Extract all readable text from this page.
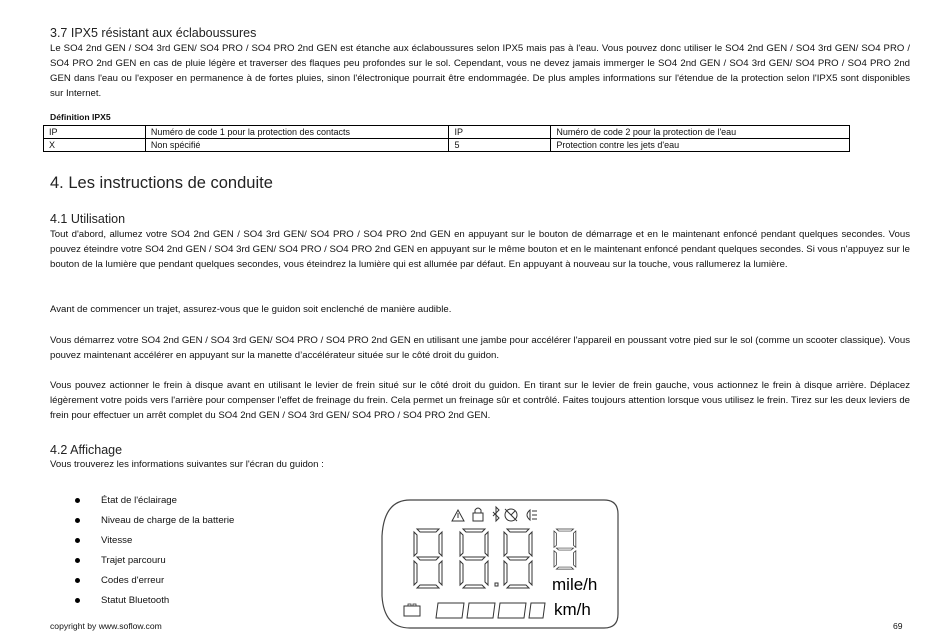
3.7 IPX5 résistant aux éclaboussures

Le SO4 2nd GEN / SO4 3rd GEN/ SO4 PRO / SO4 PRO 2nd GEN est étanche aux éclaboussures selon IPX5 mais pas à l'eau. Vous pouvez donc utiliser le SO4 2nd GEN / SO4 3rd GEN/ SO4 PRO / SO4 PRO 2nd GEN en cas de pluie légère et traverser des flaques peu profondes sur le sol. Cependant, vous ne devez jamais immerger le SO4 2nd GEN / SO4 3rd GEN/ SO4 PRO / SO4 PRO 2nd GEN dans l'eau ou l'exposer en permanence à de fortes pluies, sinon l'électronique pourrait être endommagée. De plus amples informations sur l'étendue de la protection selon l'IPX5 sont disponibles sur Internet.

Définition IPX5

IP	Numéro de code 1 pour la protection des contacts	IP	Numéro de code 2 pour la protection de l'eau
X	Non spécifié	5	Protection contre les jets d'eau
4. Les instructions de conduite
4.1 Utilisation

Tout d'abord, allumez votre SO4 2nd GEN / SO4 3rd GEN/ SO4 PRO / SO4 PRO 2nd GEN en appuyant sur le bouton de démarrage et en le maintenant enfoncé pendant quelques secondes. Vous pouvez éteindre votre SO4 2nd GEN / SO4 3rd GEN/ SO4 PRO / SO4 PRO 2nd GEN en appuyant sur le même bouton et en le maintenant enfoncé pendant quelques secondes. Si vous n'appuyez sur le bouton de la lumière que pendant quelques secondes, vous éteindrez la lumière qui est allumée par défaut. En appuyant à nouveau sur la touche, vous rallumerez la lumière.

Avant de commencer un trajet, assurez-vous que le guidon soit enclenché de manière audible.

Vous démarrez votre SO4 2nd GEN / SO4 3rd GEN/ SO4 PRO / SO4 PRO 2nd GEN en utilisant une jambe pour accélérer l'appareil en poussant votre pied sur le sol (comme un scooter classique). Vous pouvez maintenant accélérer en appuyant sur la manette d’accélérateur située sur le côté droit du guidon.

Vous pouvez actionner le frein à disque avant en utilisant le levier de frein situé sur le côté droit du guidon. En tirant sur le levier de frein gauche, vous actionnez le frein à disque arrière. Déplacez légèrement votre poids vers l'arrière pour compenser l'effet de freinage du frein. Cela permet un freinage sûr et contrôlé. Faites toujours attention lorsque vous utilisez le frein. Tirez sur les deux leviers de frein pour effectuer un arrêt complet du SO4 2nd GEN / SO4 3rd GEN/ SO4 PRO / SO4 PRO 2nd GEN.

4.2 Affichage

Vous trouverez les informations suivantes sur l'écran du guidon :

État de l'éclairage
Niveau de charge de la batterie
Vitesse
Trajet parcouru
Codes d'erreur
Statut Bluetooth
mile/h
km/h
copyright by www.soflow.com	69
